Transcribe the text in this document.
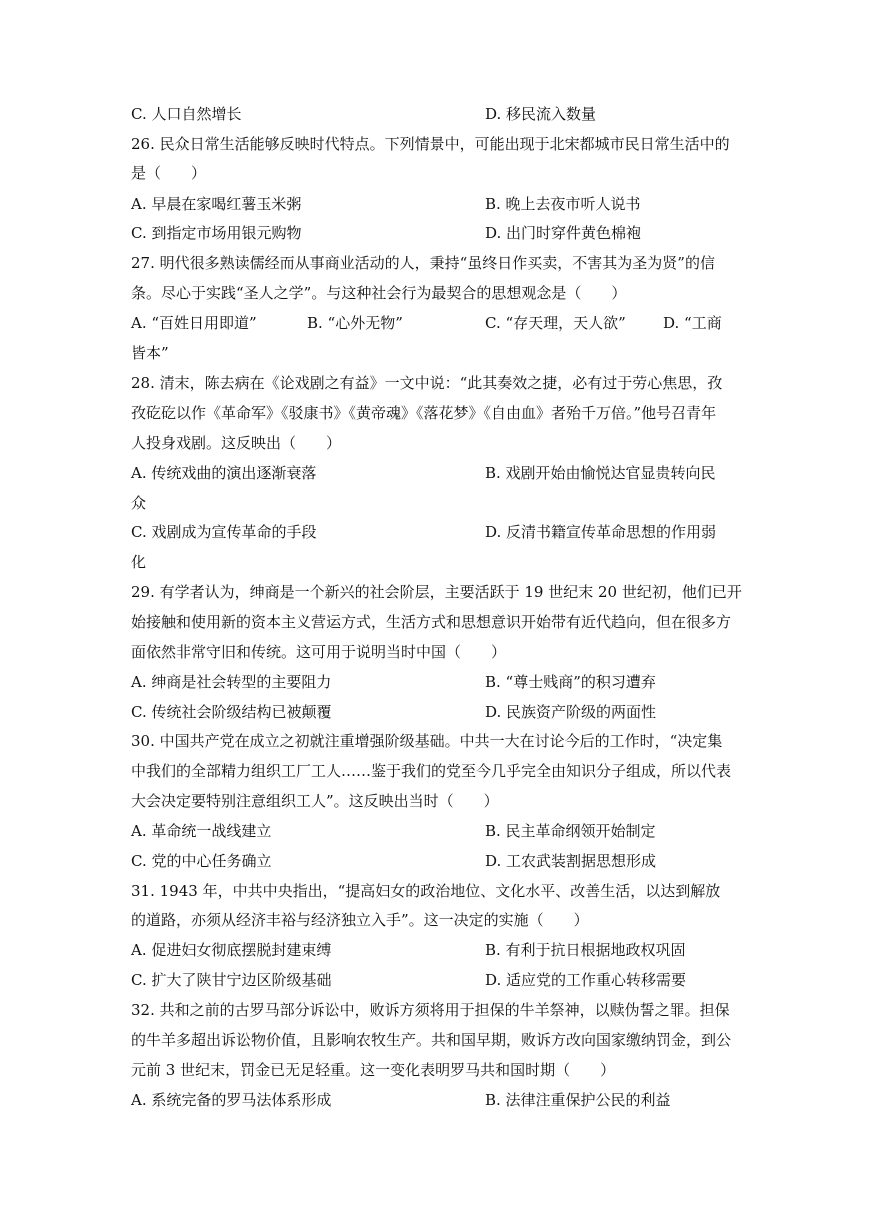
C. 人口自然增长	D. 移民流入数量
26. 民众日常生活能够反映时代特点。下列情景中，可能出现于北宋都城市民日常生活中的
是（　　）
A. 早晨在家喝红薯玉米粥	B. 晚上去夜市听人说书
C. 到指定市场用银元购物	D. 出门时穿件黄色棉袍
27. 明代很多熟读儒经而从事商业活动的人，秉持“虽终日作买卖，不害其为圣为贤”的信
条。尽心于实践“圣人之学”。与这种社会行为最契合的思想观念是（　　）
A. “百姓日用即道”	B. “心外无物”	C. “存天理，天人欲” D. “工商
皆本”
28. 清末，陈去病在《论戏剧之有益》一文中说：“此其奏效之捷，必有过于劳心焦思，孜
孜矻矻以作《革命军》《驳康书》《黄帝魂》《落花梦》《自由血》者殆千万倍。”他号召青年
人投身戏剧。这反映出（　　）
A. 传统戏曲的演出逐渐衰落	B. 戏剧开始由愉悦达官显贵转向民
众
C. 戏剧成为宣传革命的手段	D. 反清书籍宣传革命思想的作用弱
化
29. 有学者认为，绅商是一个新兴的社会阶层，主要活跃于 19 世纪末 20 世纪初，他们已开
始接触和使用新的资本主义营运方式，生活方式和思想意识开始带有近代趋向，但在很多方
面依然非常守旧和传统。这可用于说明当时中国（　　）
A. 绅商是社会转型的主要阻力	B. “尊士贱商”的积习遭弃
C. 传统社会阶级结构已被颠覆	D. 民族资产阶级的两面性
30. 中国共产党在成立之初就注重增强阶级基础。中共一大在讨论今后的工作时，“决定集
中我们的全部精力组织工厂工人……鉴于我们的党至今几乎完全由知识分子组成，所以代表
大会决定要特别注意组织工人”。这反映出当时（　　）
A. 革命统一战线建立	B. 民主革命纲领开始制定
C. 党的中心任务确立	D. 工农武装割据思想形成
31. 1943 年，中共中央指出，“提高妇女的政治地位、文化水平、改善生活，以达到解放
的道路，亦须从经济丰裕与经济独立入手”。这一决定的实施（　　）
A. 促进妇女彻底摆脱封建束缚	B. 有利于抗日根据地政权巩固
C. 扩大了陕甘宁边区阶级基础	D. 适应党的工作重心转移需要
32. 共和之前的古罗马部分诉讼中，败诉方须将用于担保的牛羊祭神，以赎伪誓之罪。担保
的牛羊多超出诉讼物价值，且影响农牧生产。共和国早期，败诉方改向国家缴纳罚金，到公
元前 3 世纪末，罚金已无足轻重。这一变化表明罗马共和国时期（　　）
A. 系统完备的罗马法体系形成	B. 法律注重保护公民的利益
